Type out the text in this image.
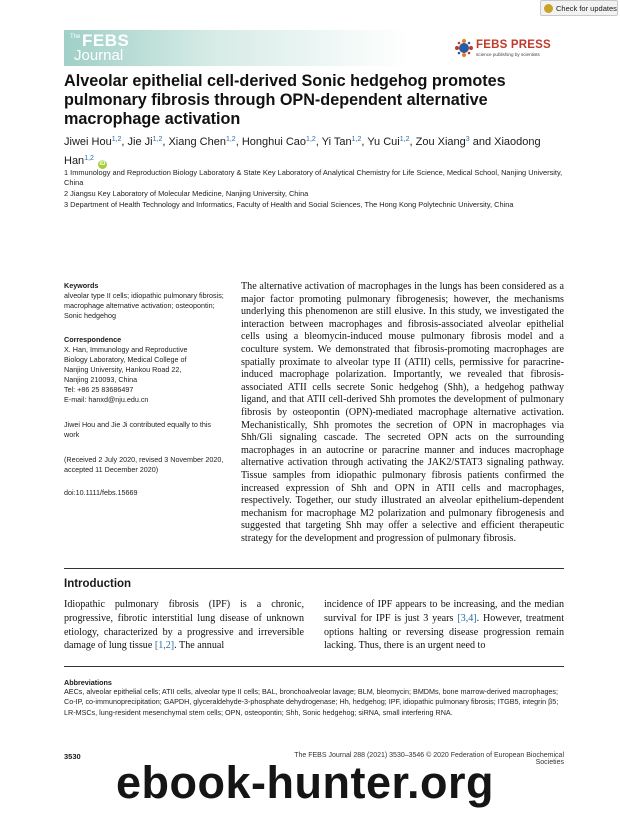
Check for updates
The FEBS
Journal
FEBS PRESS
science publishing by scientists
Alveolar epithelial cell-derived Sonic hedgehog promotes pulmonary fibrosis through OPN-dependent alternative macrophage activation
Jiwei Hou$^{1,2}$, Jie Ji$^{1,2}$, Xiang Chen$^{1,2}$, Honghui Cao$^{1,2}$, Yi Tan$^{1,2}$, Yu Cui$^{1,2}$, Zou Xiang$^3$ and Xiaodong Han$^{1,2}$iD
1 Immunology and Reproduction Biology Laboratory & State Key Laboratory of Analytical Chemistry for Life Science, Medical School, Nanjing University, China
2 Jiangsu Key Laboratory of Molecular Medicine, Nanjing University, China
3 Department of Health Technology and Informatics, Faculty of Health and Social Sciences, The Hong Kong Polytechnic University, China
Keywords
alveolar type II cells; idiopathic pulmonary fibrosis; macrophage alternative activation; osteopontin; Sonic hedgehog
Correspondence
X. Han, Immunology and Reproductive
Biology Laboratory, Medical College of
Nanjing University, Hankou Road 22,
Nanjing 210093, China
Tel: +86 25 83686497
E-mail: hanxd@nju.edu.cn
Jiwei Hou and Jie Ji contributed equally to this work
(Received 2 July 2020, revised 3 November 2020, accepted 11 December 2020)
doi:10.1111/febs.15669
The alternative activation of macrophages in the lungs has been considered as a major factor promoting pulmonary fibrogenesis; however, the mechanisms underlying this phenomenon are still elusive. In this study, we investigated the interaction between macrophages and fibrosis-associated alveolar epithelial cells using a bleomycin-induced mouse pulmonary fibrosis model and a coculture system. We demonstrated that fibrosis-promoting macrophages are spatially proximate to alveolar type II (ATII) cells, permissive for paracrine-induced macrophage polarization. Importantly, we revealed that fibrosis-associated ATII cells secrete Sonic hedgehog (Shh), a hedgehog pathway ligand, and that ATII cell-derived Shh promotes the development of pulmonary fibrosis by osteopontin (OPN)-mediated macrophage alternative activation. Mechanistically, Shh promotes the secretion of OPN in macrophages via Shh/Gli signaling cascade. The secreted OPN acts on the surrounding macrophages in an autocrine or paracrine manner and induces macrophage alternative activation through activating the JAK2/STAT3 signaling pathway. Tissue samples from idiopathic pulmonary fibrosis patients confirmed the increased expression of Shh and OPN in ATII cells and macrophages, respectively. Together, our study illustrated an alveolar epithelium-dependent mechanism for macrophage M2 polarization and pulmonary fibrogenesis and suggested that targeting Shh may offer a selective and efficient therapeutic strategy for the development and progression of pulmonary fibrosis.
Introduction
Idiopathic pulmonary fibrosis (IPF) is a chronic, progressive, fibrotic interstitial lung disease of unknown etiology, characterized by a progressive and irreversible damage of lung tissue [1,2]. The annual
incidence of IPF appears to be increasing, and the median survival for IPF is just 3 years [3,4]. However, treatment options halting or reversing disease progression remain lacking. Thus, there is an urgent need to
Abbreviations
AECs, alveolar epithelial cells; ATII cells, alveolar type II cells; BAL, bronchoalveolar lavage; BLM, bleomycin; BMDMs, bone marrow-derived macrophages; Co-IP, co-immunoprecipitation; GAPDH, glyceraldehyde-3-phosphate dehydrogenase; Hh, hedgehog; IPF, idiopathic pulmonary fibrosis; ITGB5, integrin β5; LR-MSCs, lung-resident mesenchymal stem cells; OPN, osteopontin; Shh, Sonic hedgehog; siRNA, small interfering RNA.
3530	The FEBS Journal 288 (2021) 3530–3546 © 2020 Federation of European Biochemical Societies
ebook-hunter.org
